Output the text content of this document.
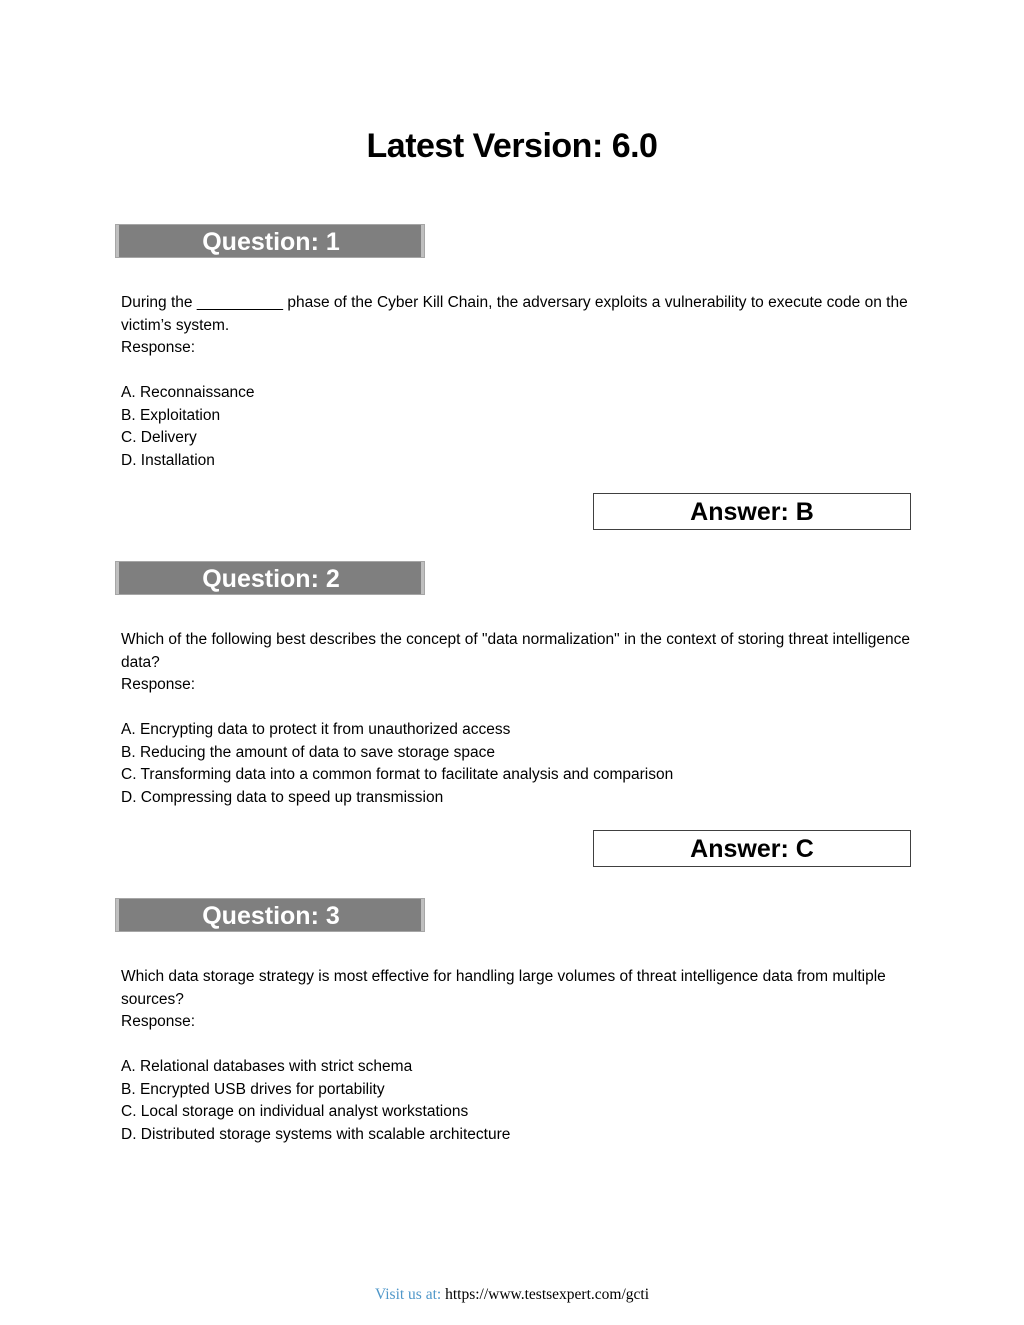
Latest Version: 6.0
Question: 1

During the __________ phase of the Cyber Kill Chain, the adversary exploits a vulnerability to execute code on the victim’s system.

Response:

A. Reconnaissance
B. Exploitation
C. Delivery
D. Installation
Answer: B
Question: 2

Which of the following best describes the concept of "data normalization" in the context of storing threat intelligence data?

Response:

A. Encrypting data to protect it from unauthorized access
B. Reducing the amount of data to save storage space
C. Transforming data into a common format to facilitate analysis and comparison
D. Compressing data to speed up transmission
Answer: C
Question: 3

Which data storage strategy is most effective for handling large volumes of threat intelligence data from multiple sources?

Response:

A. Relational databases with strict schema
B. Encrypted USB drives for portability
C. Local storage on individual analyst workstations
D. Distributed storage systems with scalable architecture
Visit us at: https://www.testsexpert.com/gcti
